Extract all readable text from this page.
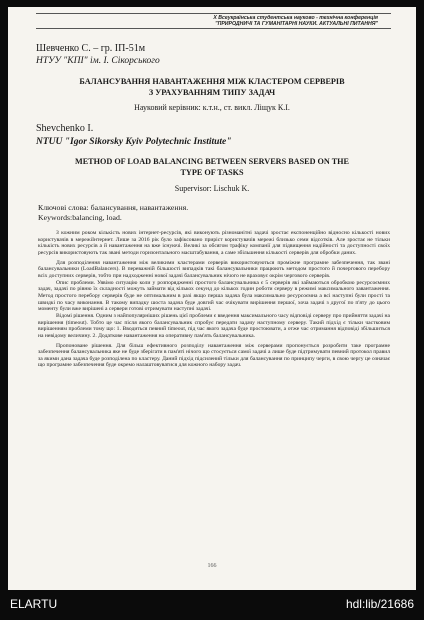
X Всеукраїнська студентська науково - технічна конференція
"ПРИРОДНИЧІ ТА ГУМАНІТАРНІ НАУКИ. АКТУАЛЬНІ ПИТАННЯ"
Шевченко С. – гр. ІП-51м
НТУУ "КПІ" ім. І. Сікорського
БАЛАНСУВАННЯ НАВАНТАЖЕННЯ МІЖ КЛАСТЕРОМ СЕРВЕРІВ
З УРАХУВАННЯМ ТИПУ ЗАДАЧ
Науковий керівник: к.т.н., ст. викл. Ліщук К.І.
Shevchenko I.
NTUU "Igor Sikorsky Kyiv Polytechnic Institute"
METHOD OF LOAD BALANCING BETWEEN SERVERS BASED ON THE
TYPE OF TASKS
Supervisor: Lischuk K.
Ключові слова: балансування, навантаження.
Keywords:balancing, load.

З кожним роком кількість нових інтернет-ресурсів, які виконують різноманітні задачі зростає експоненційно відносно кількості нових користувачів в мережіІнтернет. Лише за 2016 рік було зафіксовано приріст користувачів мережі близько семи відсотків. Але зростає не тільки кількість нових ресурсів а й навантаження на вже існуючі. Великі за обсягом трафіку компанії для підвищення надійності та доступності своїх ресурсів використовують так звані методи горизонтального масштабування, а саме збільшення кількості серверів для обробки даних.

Для розподілення навантаження між великими кластерами серверів використовуються проміжне програмне забезпечення, так звані балансувальники (LoadBalancers). В переважній більшості випадків такі балансувальники працюють методом простого й почергового перебору всіх доступних серверів, тобто при надходженні нової задачі балансувальник нічого не враховує окрім чергового серверів.

Опис проблеми. Уявімо ситуацію коли у розпорядженні простого балансувальника є 5 серверів які займаються обробкою ресурсоємних задач, задачі по рівню їх складності можуть займати від кількох секунд до кількох годин роботи серверу в режимі максимального завантаження. Метод простого перебору серверів буде не оптимальним в разі якщо перша задача була максимально ресурсоємна а всі наступні були прості та швидкі по часу виконання. В такому випадку шоста задача буде довгий час очікувати вирішення першої, хоча задачі з другої по п'яту до цього моменту були вже вирішені а сервери готові отримувати наступні задачі.

Відомі рішення. Одним з найпопулярніших рішень цієї проблеми є введення максимального часу відповіді серверу про прийняття задачі на вирішення (timeout). Тобто це час після якого балансувальник спробує передати задачу наступному серверу. Такий підхід є тільки частковим вирішенням проблеми тому що: 1. Вводиться певний timeout, під час якого задача буде простоювати, а отже час отримання відповіді збільшиться на невідому величину. 2. Додаткове навантаження на оперативну пам'ять балансувальника.

Пропоноване рішення. Для більш ефективного розподілу навантаження між серверами пропонується розробити таке програмне забезпечення балансувальника яке не буде зберігати в пам'яті нічого що стосується самої задачі а лише буде підтримувати певний протокол правил за якими дана задача буде розподілена по кластеру. Даний підхід підсилений тільки для балансування по принципу черги, в свою чергу це означає що програмне забезпечення буде окремо налаштовуватися для кожного набору задач.

166
ELARTU	hdl:lib/21686
